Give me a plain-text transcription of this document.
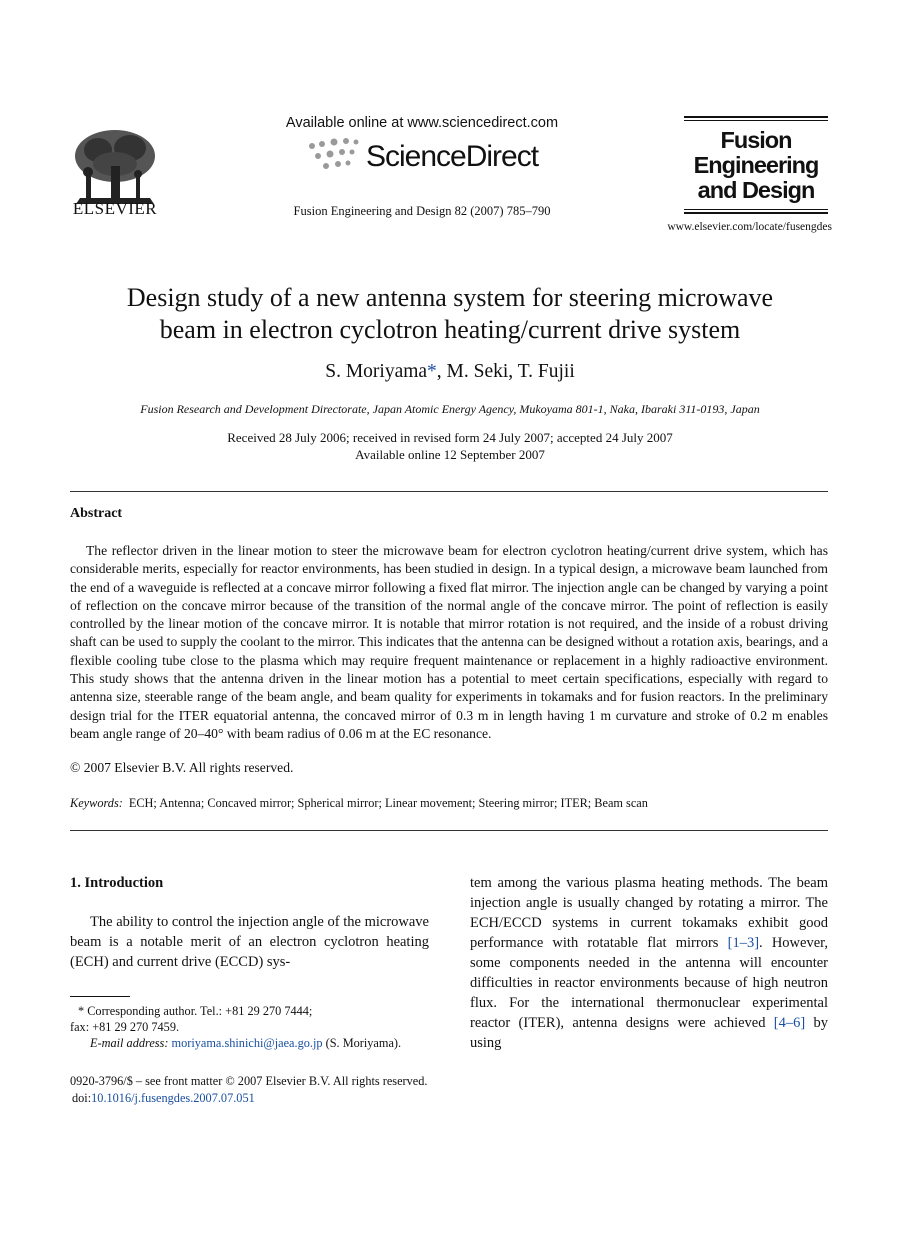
ELSEVIER
Available online at www.sciencedirect.com
ScienceDirect
Fusion Engineering and Design 82 (2007) 785–790
Fusion
Engineering
and Design
www.elsevier.com/locate/fusengdes
Design study of a new antenna system for steering microwave
beam in electron cyclotron heating/current drive system
S. Moriyama*, M. Seki, T. Fujii
Fusion Research and Development Directorate, Japan Atomic Energy Agency, Mukoyama 801-1, Naka, Ibaraki 311-0193, Japan
Received 28 July 2006; received in revised form 24 July 2007; accepted 24 July 2007
Available online 12 September 2007
Abstract

The reflector driven in the linear motion to steer the microwave beam for electron cyclotron heating/current drive system, which has considerable merits, especially for reactor environments, has been studied in design. In a typical design, a microwave beam launched from the end of a waveguide is reflected at a concave mirror following a fixed flat mirror. The injection angle can be changed by varying a point of reflection on the concave mirror because of the transition of the normal angle of the concave mirror. The point of reflection is easily controlled by the linear motion of the concave mirror. It is notable that mirror rotation is not required, and the inside of a robust driving shaft can be used to supply the coolant to the mirror. This indicates that the antenna can be designed without a rotation axis, bearings, and a flexible cooling tube close to the plasma which may require frequent maintenance or replacement in a highly radioactive environment. This study shows that the antenna driven in the linear motion has a potential to meet certain specifications, especially with regard to antenna size, steerable range of the beam angle, and beam quality for experiments in tokamaks and for fusion reactors. In the preliminary design trial for the ITER equatorial antenna, the concaved mirror of 0.3 m in length having 1 m curvature and stroke of 0.2 m enables beam angle range of 20–40° with beam radius of 0.06 m at the EC resonance.

© 2007 Elsevier B.V. All rights reserved.
Keywords: ECH; Antenna; Concaved mirror; Spherical mirror; Linear movement; Steering mirror; ITER; Beam scan
1. Introduction
The ability to control the injection angle of the microwave beam is a notable merit of an electron cyclotron heating (ECH) and current drive (ECCD) sys-
tem among the various plasma heating methods. The beam injection angle is usually changed by rotating a mirror. The ECH/ECCD systems in current tokamaks exhibit good performance with rotatable flat mirrors [1–3]. However, some components needed in the antenna will encounter difficulties in reactor environments because of high neutron flux. For the international thermonuclear experimental reactor (ITER), antenna designs were achieved [4–6] by using
* Corresponding author. Tel.: +81 29 270 7444;
fax: +81 29 270 7459.
E-mail address: moriyama.shinichi@jaea.go.jp (S. Moriyama).
0920-3796/$ – see front matter © 2007 Elsevier B.V. All rights reserved.
doi:10.1016/j.fusengdes.2007.07.051
